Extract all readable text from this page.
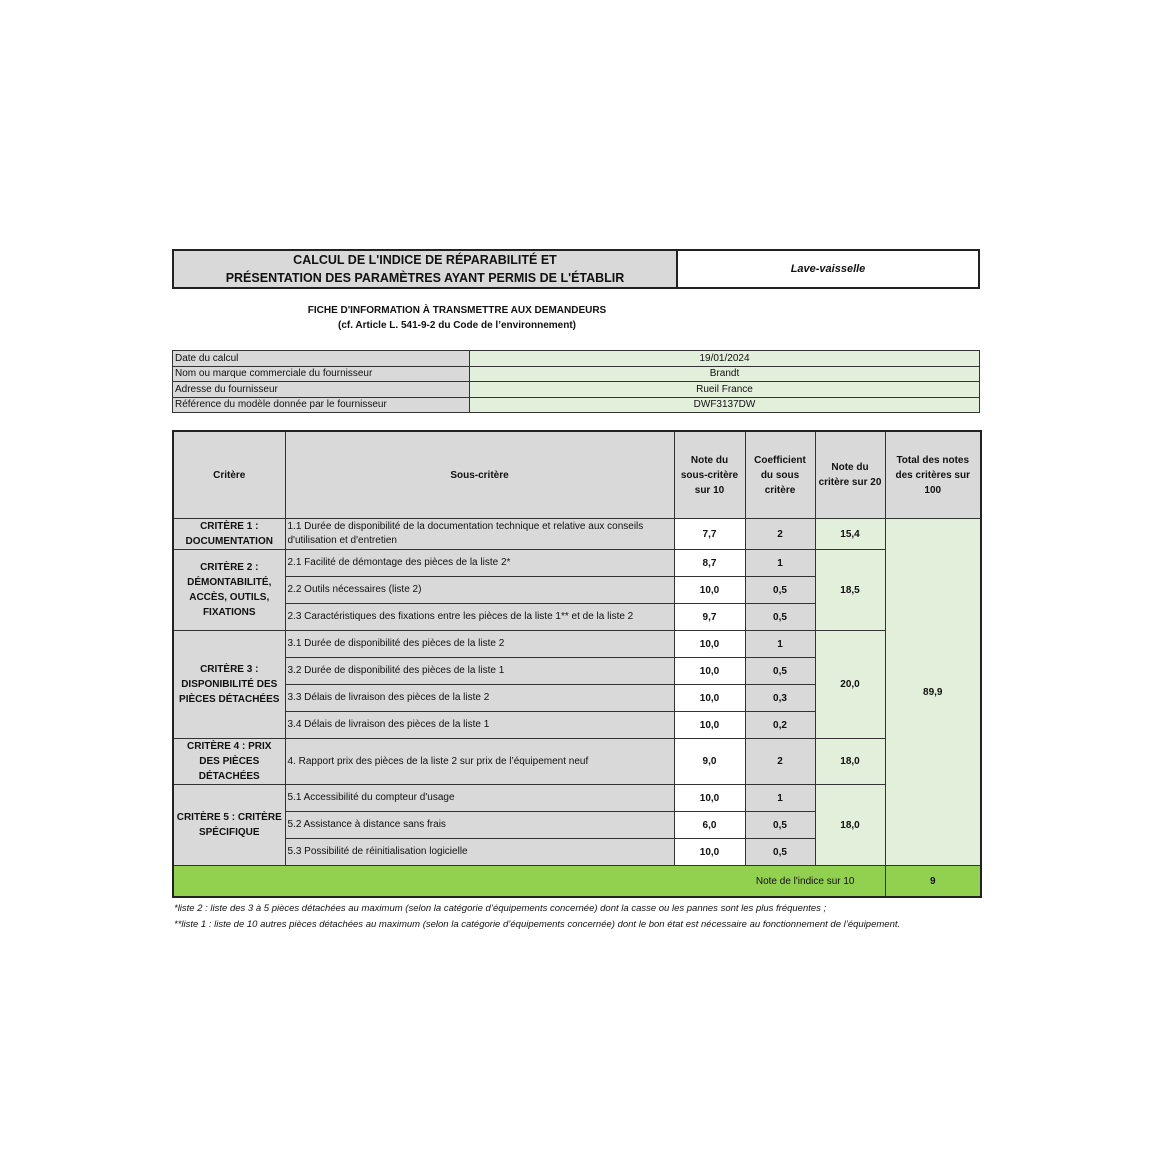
CALCUL DE L'INDICE DE RÉPARABILITÉ ET
PRÉSENTATION DES PARAMÈTRES AYANT PERMIS DE L'ÉTABLIR
Lave-vaisselle
FICHE D'INFORMATION À TRANSMETTRE AUX DEMANDEURS
(cf. Article L. 541-9-2 du Code de l’environnement)
Date du calcul	19/01/2024
Nom ou marque commerciale du fournisseur	Brandt
Adresse du fournisseur	Rueil France
Référence du modèle donnée par le fournisseur	DWF3137DW
Critère	Sous-critère	Note du sous-critère sur 10	Coefficient du sous critère	Note du critère sur 20	Total des notes des critères sur 100
CRITÈRE 1 : DOCUMENTATION	1.1 Durée de disponibilité de la documentation technique et relative aux conseils d'utilisation et d'entretien	7,7	2	15,4	89,9
CRITÈRE 2 : DÉMONTABILITÉ, ACCÈS, OUTILS, FIXATIONS	2.1 Facilité de démontage des pièces de la liste 2*	8,7	1	18,5	
	2.2 Outils nécessaires (liste 2)	10,0	0,5		
	2.3 Caractéristiques des fixations entre les pièces de la liste 1** et de la liste 2	9,7	0,5		
CRITÈRE 3 : DISPONIBILITÉ DES PIÈCES DÉTACHÉES	3.1 Durée de disponibilité des pièces de la liste 2	10,0	1	20,0	
	3.2 Durée de disponibilité des pièces de la liste 1	10,0	0,5		
	3.3 Délais de livraison des pièces de la liste 2	10,0	0,3		
	3.4 Délais de livraison des pièces de la liste 1	10,0	0,2		
CRITÈRE 4 : PRIX DES PIÈCES DÉTACHÉES	4. Rapport prix des pièces de la liste 2 sur prix de l’équipement neuf	9,0	2	18,0	
CRITÈRE 5 : CRITÈRE SPÉCIFIQUE	5.1 Accessibilité du compteur d'usage	10,0	1	18,0	
	5.2 Assistance à distance sans frais	6,0	0,5		
	5.3 Possibilité de réinitialisation logicielle	10,0	0,5		
Note de l'indice sur 10					9
*liste 2 : liste des 3 à 5 pièces détachées au maximum (selon la catégorie d’équipements concernée) dont la casse ou les pannes sont les plus fréquentes ;
**liste 1 : liste de 10 autres pièces détachées au maximum (selon la catégorie d’équipements concernée) dont le bon état est nécessaire au fonctionnement de l’équipement.
